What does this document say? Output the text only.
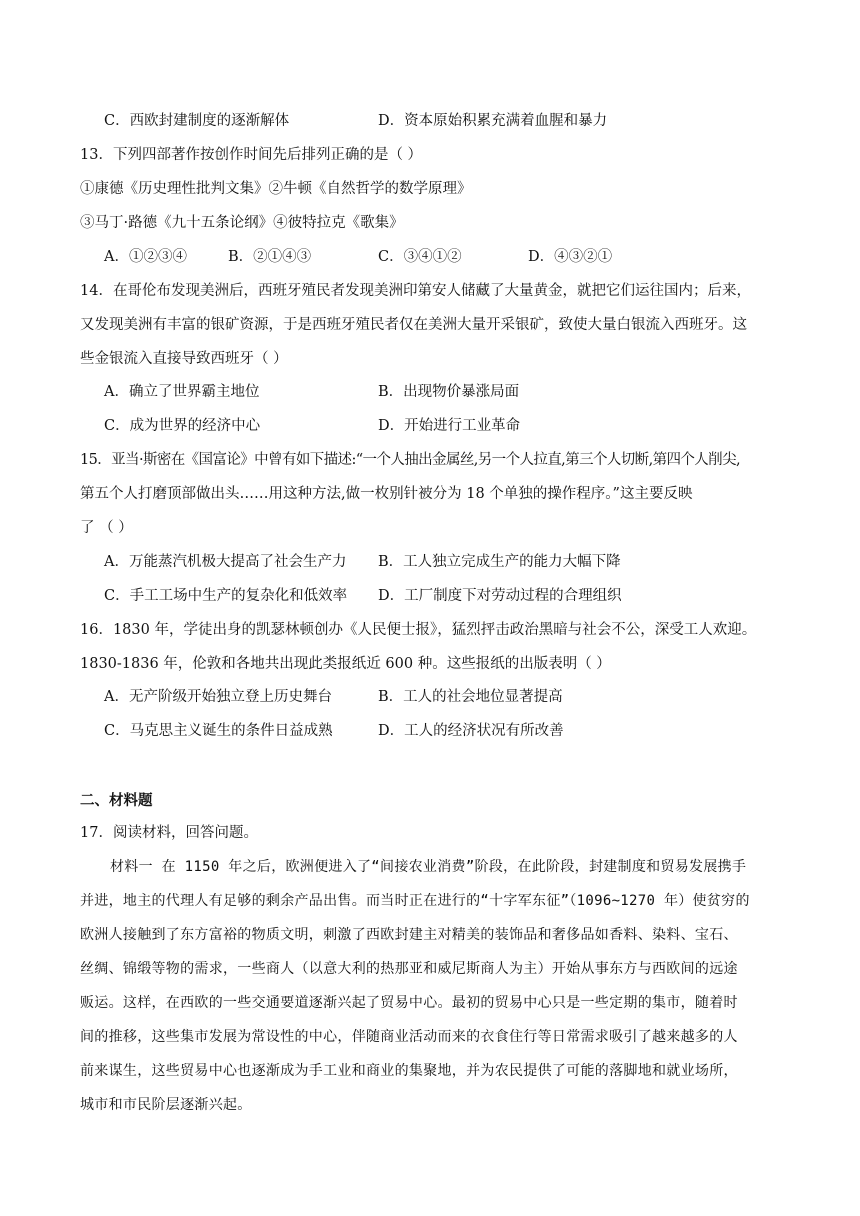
C．西欧封建制度的逐渐解体	D．资本原始积累充满着血腥和暴力
13．下列四部著作按创作时间先后排列正确的是（ ）
①康德《历史理性批判文集》②牛顿《自然哲学的数学原理》
③马丁·路德《九十五条论纲》④彼特拉克《歌集》
A．①②③④	B．②①④③	C．③④①②	D．④③②①
14．在哥伦布发现美洲后，西班牙殖民者发现美洲印第安人储藏了大量黄金，就把它们运往国内；后来，
又发现美洲有丰富的银矿资源，于是西班牙殖民者仅在美洲大量开采银矿，致使大量白银流入西班牙。这
些金银流入直接导致西班牙（ ）
A．确立了世界霸主地位	B．出现物价暴涨局面
C．成为世界的经济中心	D．开始进行工业革命
15．亚当·斯密在《国富论》中曾有如下描述:“一个人抽出金属丝,另一个人拉直,第三个人切断,第四个人削尖,
第五个人打磨顶部做出头……用这种方法,做一枚别针被分为 18 个单独的操作程序。”这主要反映
了 （ ）
A．万能蒸汽机极大提高了社会生产力 B．工人独立完成生产的能力大幅下降
C．手工工场中生产的复杂化和低效率 D．工厂制度下对劳动过程的合理组织
16．1830 年，学徒出身的凯瑟林顿创办《人民便士报》，猛烈抨击政治黑暗与社会不公，深受工人欢迎。
1830-1836 年，伦敦和各地共出现此类报纸近 600 种。这些报纸的出版表明（ ）
A．无产阶级开始独立登上历史舞台	B．工人的社会地位显著提高
C．马克思主义诞生的条件日益成熟	D．工人的经济状况有所改善
二、材料题
17．阅读材料，回答问题。
材料一 在 1150 年之后，欧洲便进入了“间接农业消费”阶段，在此阶段，封建制度和贸易发展携手
并进，地主的代理人有足够的剩余产品出售。而当时正在进行的“十字军东征”（1096~1270 年）使贫穷的
欧洲人接触到了东方富裕的物质文明，刺激了西欧封建主对精美的装饰品和奢侈品如香料、染料、宝石、
丝绸、锦缎等物的需求，一些商人（以意大利的热那亚和威尼斯商人为主）开始从事东方与西欧间的远途
贩运。这样，在西欧的一些交通要道逐渐兴起了贸易中心。最初的贸易中心只是一些定期的集市，随着时
间的推移，这些集市发展为常设性的中心，伴随商业活动而来的衣食住行等日常需求吸引了越来越多的人
前来谋生，这些贸易中心也逐渐成为手工业和商业的集聚地，并为农民提供了可能的落脚地和就业场所，
城市和市民阶层逐渐兴起。
